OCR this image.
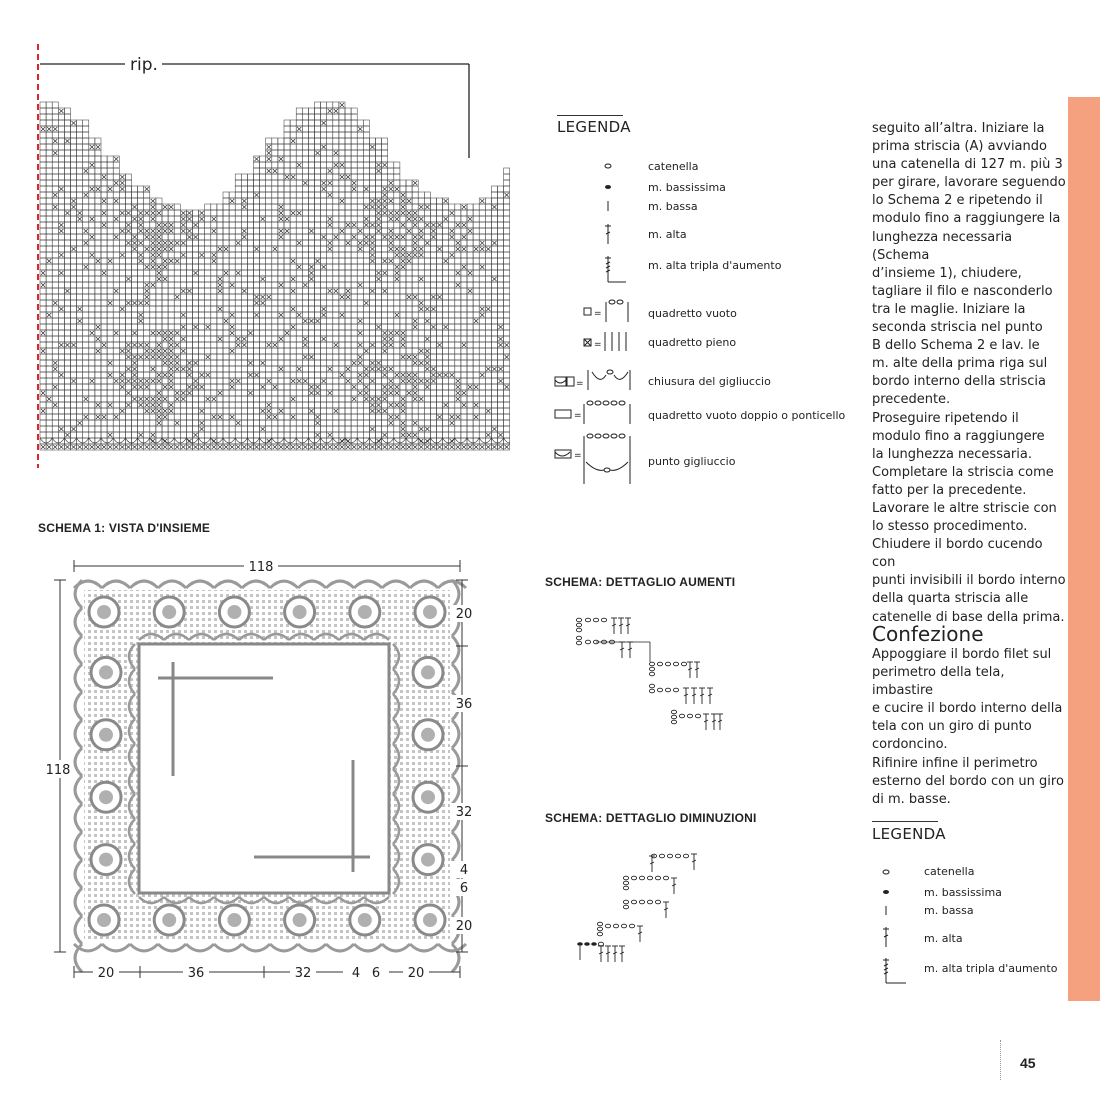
rip.
SCHEMA 1: VISTA D'INSIEME
118
118
20
36
32
4
6
20
20	36	32	4 6 20
LEGENDA
=
=
=
=
=
catenella
m. bassissima
m. bassa
m. alta
m. alta tripla d'aumento
quadretto vuoto
quadretto pieno
chiusura del gigliuccio
quadretto vuoto doppio o ponticello
punto gigliuccio
SCHEMA: DETTAGLIO AUMENTI
SCHEMA: DETTAGLIO DIMINUZIONI
seguito all’altra. Iniziare la
prima striscia (A) avviando
una catenella di 127 m. più 3
per girare, lavorare seguendo
lo Schema 2 e ripetendo il
modulo fino a raggiungere la
lunghezza necessaria (Schema
d’insieme 1), chiudere,
tagliare il filo e nasconderlo
tra le maglie. Iniziare la
seconda striscia nel punto
B dello Schema 2 e lav. le
m. alte della prima riga sul
bordo interno della striscia
precedente.
Proseguire ripetendo il
modulo fino a raggiungere
la lunghezza necessaria.
Completare la striscia come
fatto per la precedente.
Lavorare le altre striscie con
lo stesso procedimento.
Chiudere il bordo cucendo con
punti invisibili il bordo interno
della quarta striscia alle
catenelle di base della prima.
Confezione
Appoggiare il bordo filet sul
perimetro della tela, imbastire
e cucire il bordo interno della
tela con un giro di punto
cordoncino.
Rifinire infine il perimetro
esterno del bordo con un giro
di m. basse.
LEGENDA
catenella
m. bassissima
m. bassa
m. alta
m. alta tripla d'aumento
45
